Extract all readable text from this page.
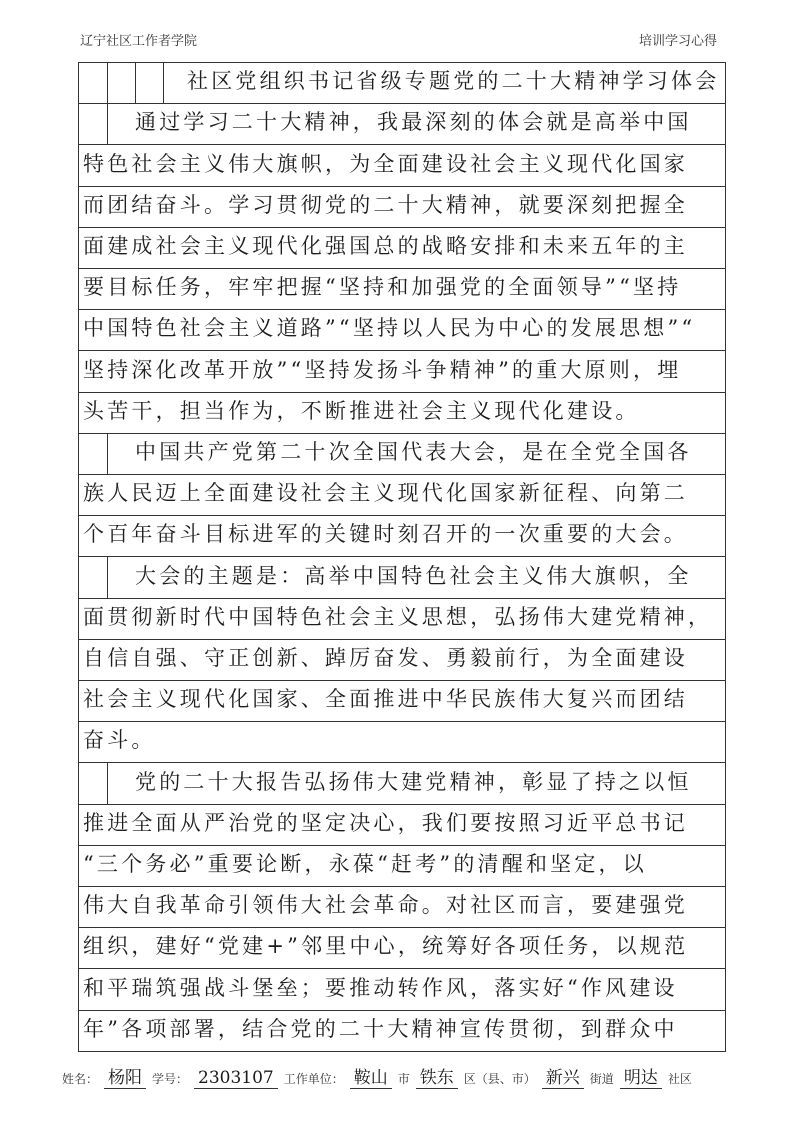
辽宁社区工作者学院	培训学习心得
社区党组织书记省级专题党的二十大精神学习体会
通过学习二十大精神，我最深刻的体会就是高举中国
特色社会主义伟大旗帜，为全面建设社会主义现代化国家
而团结奋斗。学习贯彻党的二十大精神，就要深刻把握全
面建成社会主义现代化强国总的战略安排和未来五年的主
要目标任务，牢牢把握“坚持和加强党的全面领导”“坚持
中国特色社会主义道路”“坚持以人民为中心的发展思想”“
坚持深化改革开放”“坚持发扬斗争精神”的重大原则，埋
头苦干，担当作为，不断推进社会主义现代化建设。
中国共产党第二十次全国代表大会，是在全党全国各
族人民迈上全面建设社会主义现代化国家新征程、向第二
个百年奋斗目标进军的关键时刻召开的一次重要的大会。
大会的主题是：高举中国特色社会主义伟大旗帜，全
面贯彻新时代中国特色社会主义思想，弘扬伟大建党精神，
自信自强、守正创新、踔厉奋发、勇毅前行，为全面建设
社会主义现代化国家、全面推进中华民族伟大复兴而团结
奋斗。
党的二十大报告弘扬伟大建党精神，彰显了持之以恒
推进全面从严治党的坚定决心，我们要按照习近平总书记
“三个务必”重要论断，永葆“赶考”的清醒和坚定，以
伟大自我革命引领伟大社会革命。对社区而言，要建强党
组织，建好“党建+”邻里中心，统筹好各项任务，以规范
和平瑞筑强战斗堡垒；要推动转作风，落实好“作风建设
年”各项部署，结合党的二十大精神宣传贯彻，到群众中
姓名： 杨阳 学号： 2303107 工作单位： 鞍山 市 铁东 区（县、市） 新兴 街道 明达 社区
